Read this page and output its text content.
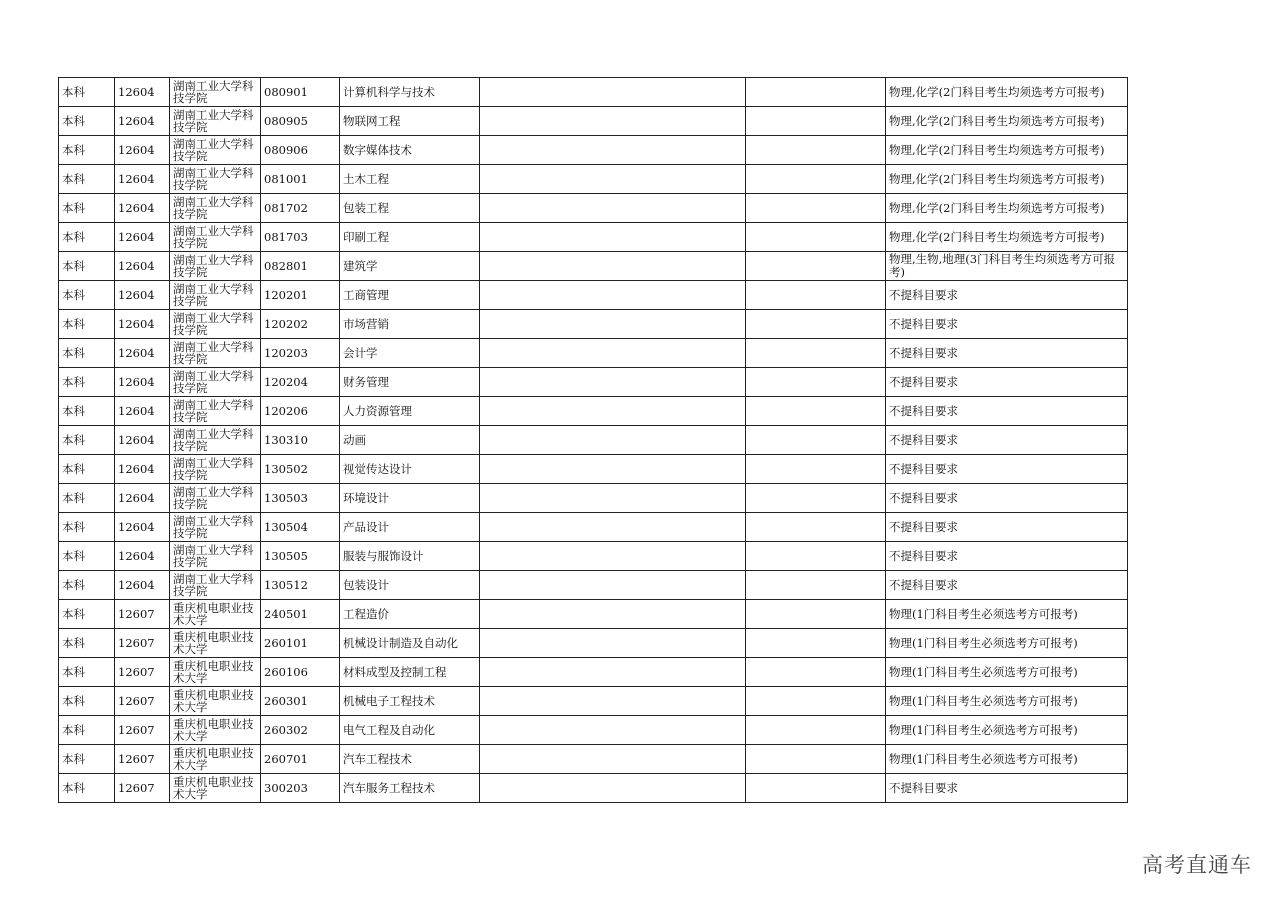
本科	12604	湖南工业大学科技学院	080901	计算机科学与技术			物理,化学(2门科目考生均须选考方可报考)
本科	12604	湖南工业大学科技学院	080905	物联网工程			物理,化学(2门科目考生均须选考方可报考)
本科	12604	湖南工业大学科技学院	080906	数字媒体技术			物理,化学(2门科目考生均须选考方可报考)
本科	12604	湖南工业大学科技学院	081001	土木工程			物理,化学(2门科目考生均须选考方可报考)
本科	12604	湖南工业大学科技学院	081702	包装工程			物理,化学(2门科目考生均须选考方可报考)
本科	12604	湖南工业大学科技学院	081703	印刷工程			物理,化学(2门科目考生均须选考方可报考)
本科	12604	湖南工业大学科技学院	082801	建筑学			物理,生物,地理(3门科目考生均须选考方可报考)
本科	12604	湖南工业大学科技学院	120201	工商管理			不提科目要求
本科	12604	湖南工业大学科技学院	120202	市场营销			不提科目要求
本科	12604	湖南工业大学科技学院	120203	会计学			不提科目要求
本科	12604	湖南工业大学科技学院	120204	财务管理			不提科目要求
本科	12604	湖南工业大学科技学院	120206	人力资源管理			不提科目要求
本科	12604	湖南工业大学科技学院	130310	动画			不提科目要求
本科	12604	湖南工业大学科技学院	130502	视觉传达设计			不提科目要求
本科	12604	湖南工业大学科技学院	130503	环境设计			不提科目要求
本科	12604	湖南工业大学科技学院	130504	产品设计			不提科目要求
本科	12604	湖南工业大学科技学院	130505	服装与服饰设计			不提科目要求
本科	12604	湖南工业大学科技学院	130512	包装设计			不提科目要求
本科	12607	重庆机电职业技术大学	240501	工程造价			物理(1门科目考生必须选考方可报考)
本科	12607	重庆机电职业技术大学	260101	机械设计制造及自动化			物理(1门科目考生必须选考方可报考)
本科	12607	重庆机电职业技术大学	260106	材料成型及控制工程			物理(1门科目考生必须选考方可报考)
本科	12607	重庆机电职业技术大学	260301	机械电子工程技术			物理(1门科目考生必须选考方可报考)
本科	12607	重庆机电职业技术大学	260302	电气工程及自动化			物理(1门科目考生必须选考方可报考)
本科	12607	重庆机电职业技术大学	260701	汽车工程技术			物理(1门科目考生必须选考方可报考)
本科	12607	重庆机电职业技术大学	300203	汽车服务工程技术			不提科目要求
高考直通车
